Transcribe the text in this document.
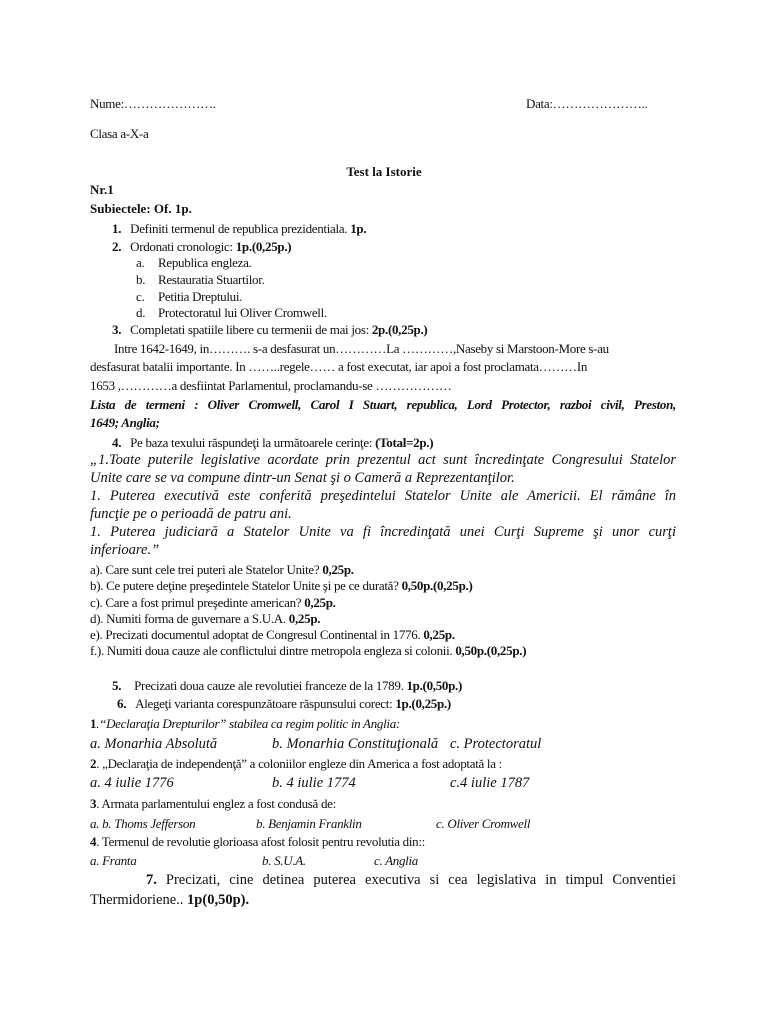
Nume:………………….	Data:…………………..
Clasa a-X-a
Test la Istorie
Nr.1
Subiectele: Of. 1p.
1. Definiti termenul de republica prezidentiala. 1p.
2. Ordonati cronologic: 1p.(0,25p.)
a. Republica engleza.
b. Restauratia Stuartilor.
c. Petitia Dreptului.
d. Protectoratul lui Oliver Cromwell.
3. Completati spatiile libere cu termenii de mai jos: 2p.(0,25p.)
Intre 1642-1649, in………. s-a desfasurat un…………La …………,Naseby si Marstoon-More s-au
desfasurat batalii importante. In ……..regele…… a fost executat, iar apoi a fost proclamata………In
1653 ,…………a desfiintat Parlamentul, proclamandu-se ………………
Lista de termeni : Oliver Cromwell, Carol I Stuart, republica, Lord Protector, razboi civil, Preston,
1649; Anglia;
4. Pe baza texului răspundeţi la următoarele cerinţe: (Total=2p.)
„1.Toate puterile legislative acordate prin prezentul act sunt încredinţate Congresului Statelor
Unite care se va compune dintr-un Senat şi o Cameră a Reprezentanţilor.
1. Puterea executivă este conferită preşedintelui Statelor Unite ale Americii. El rămâne în
funcţie pe o perioadă de patru ani.
1. Puterea judiciară a Statelor Unite va fi încredinţată unei Curţi Supreme şi unor curţi
inferioare.”
a). Care sunt cele trei puteri ale Statelor Unite? 0,25p.
b). Ce putere deţine preşedintele Statelor Unite şi pe ce durată? 0,50p.(0,25p.)
c). Care a fost primul preşedinte american? 0,25p.
d). Numiti forma de guvernare a S.U.A. 0,25p.
e). Precizati documentul adoptat de Congresul Continental in 1776. 0,25p.
f.). Numiti doua cauze ale conflictului dintre metropola engleza si colonii. 0,50p.(0,25p.)
5. Precizati doua cauze ale revolutiei franceze de la 1789. 1p.(0,50p.)
6. Alegeţi varianta corespunzătoare răspunsului corect: 1p.(0,25p.)
1.“Declaraţia Drepturilor” stabilea ca regim politic in Anglia:
a. Monarhia Absolută	b. Monarhia Constituţională c. Protectoratul
2. „Declaraţia de independenţă” a coloniilor engleze din America a fost adoptată la :
a. 4 iulie 1776	b. 4 iulie 1774	c.4 iulie 1787
3. Armata parlamentului englez a fost condusă de:
a. b. Thoms Jefferson	b. Benjamin Franklin	c. Oliver Cromwell
4. Termenul de revolutie glorioasa afost folosit pentru revolutia din::
a. Franta	b. S.U.A.	c. Anglia
7. Precizati, cine detinea puterea executiva si cea legislativa in timpul Conventiei
Thermidoriene.. 1p(0,50p).
